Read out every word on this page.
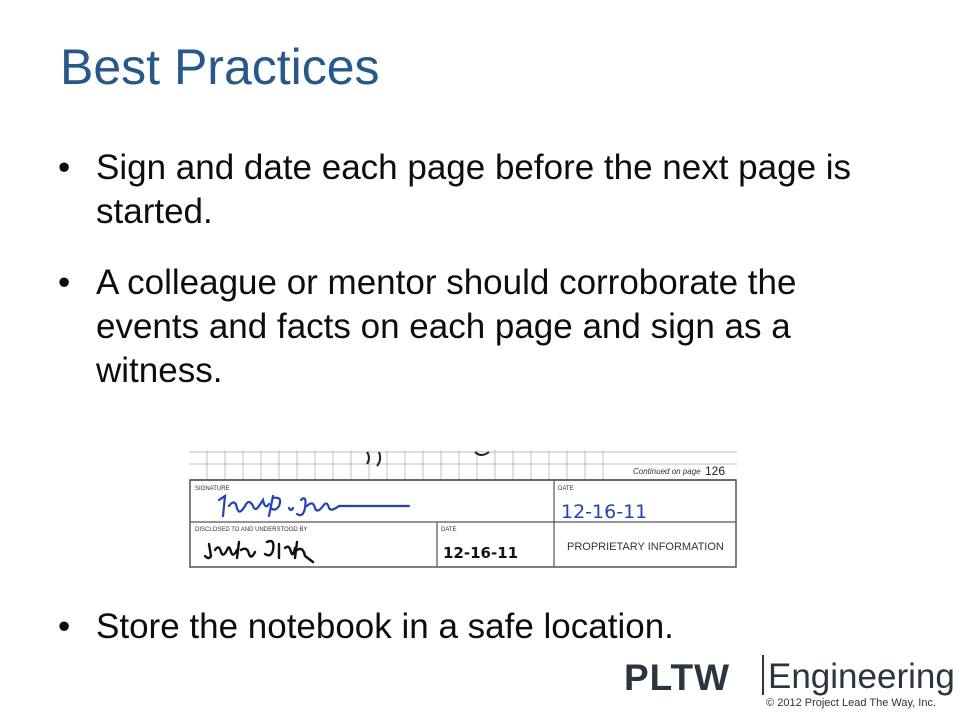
Best Practices
• Sign and date each page before the next page is started.
• A colleague or mentor should corroborate the events and facts on each page and sign as a witness.
Continued on page 126
SIGNATURE	DATE
DISCLOSED TO AND UNDERSTOOD BY	DATE
PROPRIETARY INFORMATION
12-16-11
12-16-11
• Store the notebook in a safe location.
PLTW Engineering
© 2012 Project Lead The Way, Inc.
